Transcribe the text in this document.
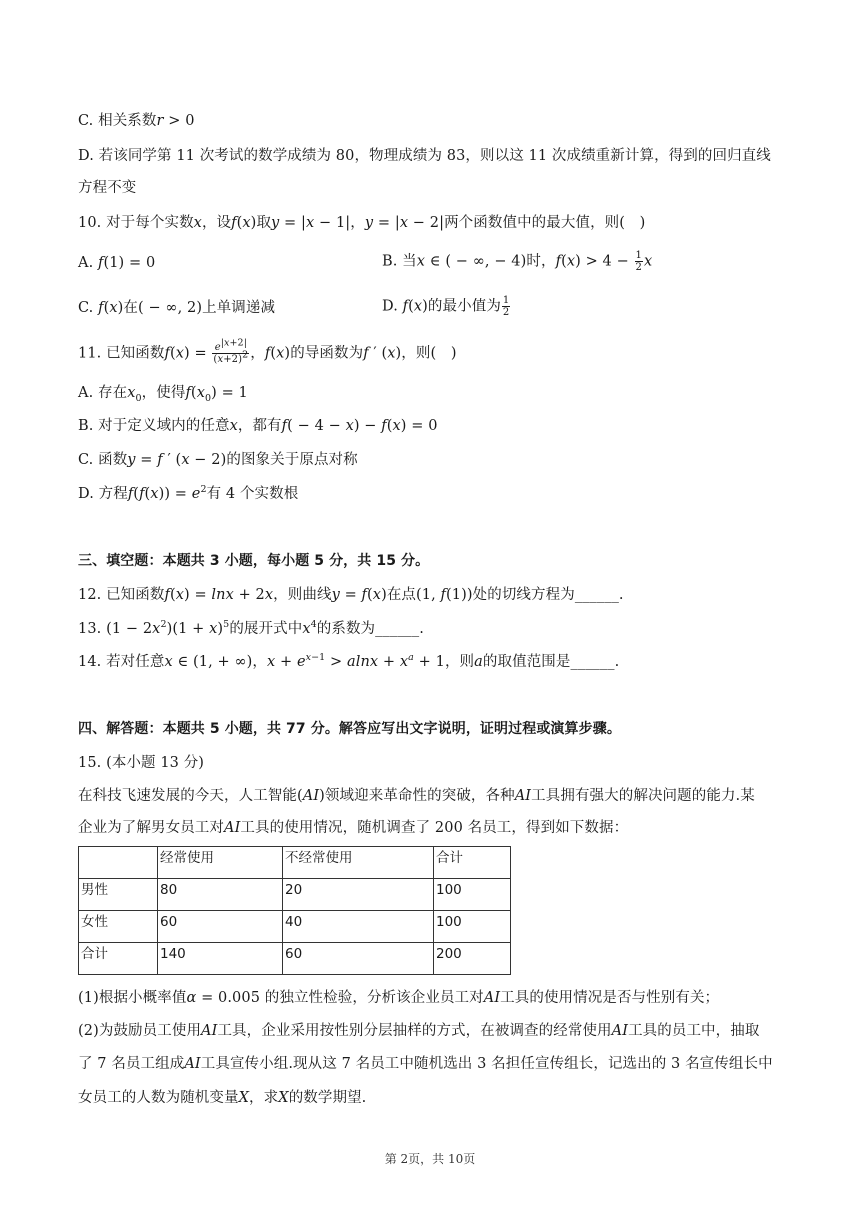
C. 相关系数r > 0
D. 若该同学第 11 次考试的数学成绩为 80，物理成绩为 83，则以这 11 次成绩重新计算，得到的回归直线
方程不变
10. 对于每个实数x，设f(x)取y = |x − 1|，y = |x − 2|两个函数值中的最大值，则(　)
A. f(1) = 0	B. 当x ∈ ( − ∞, − 4)时，$f(x) > 4 - \frac{1}{2}$ x
C. f(x)在( − ∞, 2)上单调递减	D. f(x)的最小值为 $\frac{1}{2}$
11. 已知函数$f(x) = \frac{e^{|x+2|}}{(x+2)^2}$ ，f(x)的导函数为f ′ (x)，则(　)
A. 存在$x_0$，使得$f(x_0) = 1$
B. 对于定义域内的任意x，都有f( − 4 − x) − f(x) = 0
C. 函数y = f ′ (x − 2)的图象关于原点对称
D. 方程$f(f(x)) = e^2$有 4 个实数根
三、填空题：本题共 3 小题，每小题 5 分，共 15 分。
12. 已知函数f(x) = lnx + 2x，则曲线y = f(x)在点(1, f(1))处的切线方程为______.
13. $(1 - 2x^2)(1 + x)^5$的展开式中$x^4$的系数为______.
14. 若对任意x ∈ (1, + ∞)，$x + e^{x-1} > alnx + x^a + 1$，则a的取值范围是______.
四、解答题：本题共 5 小题，共 77 分。解答应写出文字说明，证明过程或演算步骤。
15. (本小题 13 分)
在科技飞速发展的今天，人工智能(AI)领域迎来革命性的突破，各种AI工具拥有强大的解决问题的能力.某
企业为了解男女员工对AI工具的使用情况，随机调查了 200 名员工，得到如下数据：
	经常使用	不经常使用	合计
男性	80	20	100
女性	60	40	100
合计	140	60	200
(1)根据小概率值α = 0.005 的独立性检验，分析该企业员工对AI工具的使用情况是否与性别有关；
(2)为鼓励员工使用AI工具，企业采用按性别分层抽样的方式，在被调查的经常使用AI工具的员工中，抽取
了 7 名员工组成AI工具宣传小组.现从这 7 名员工中随机选出 3 名担任宣传组长，记选出的 3 名宣传组长中
女员工的人数为随机变量X，求X的数学期望.
第 2页，共 10页
